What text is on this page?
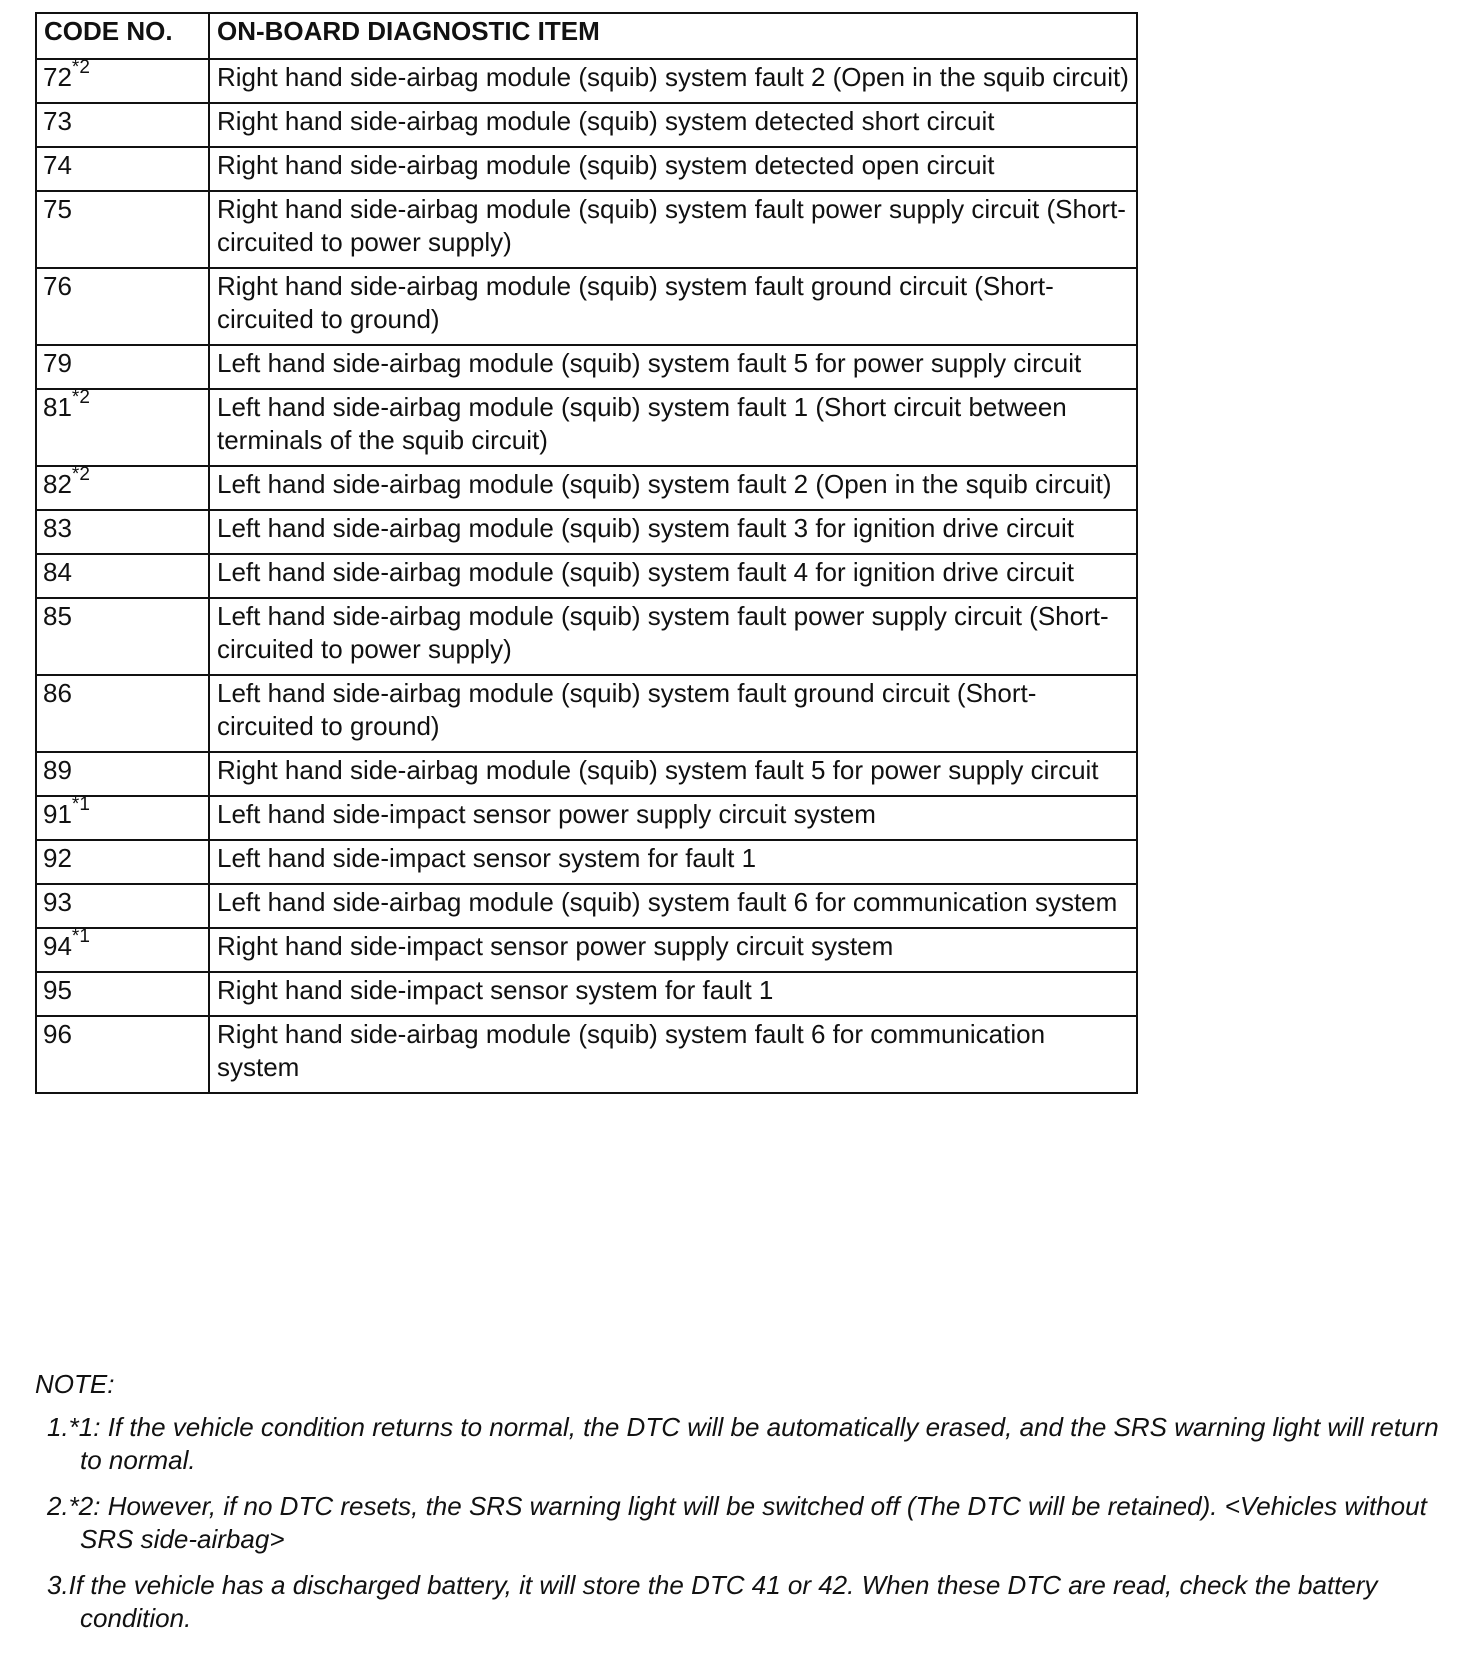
CODE NO.	ON-BOARD DIAGNOSTIC ITEM
72$^{*2}$	Right hand side-airbag module (squib) system fault 2 (Open in the squib circuit)
73	Right hand side-airbag module (squib) system detected short circuit
74	Right hand side-airbag module (squib) system detected open circuit
75	Right hand side-airbag module (squib) system fault power supply circuit (Short-circuited to power supply)
76	Right hand side-airbag module (squib) system fault ground circuit (Short-circuited to ground)
79	Left hand side-airbag module (squib) system fault 5 for power supply circuit
81$^{*2}$	Left hand side-airbag module (squib) system fault 1 (Short circuit between terminals of the squib circuit)
82$^{*2}$	Left hand side-airbag module (squib) system fault 2 (Open in the squib circuit)
83	Left hand side-airbag module (squib) system fault 3 for ignition drive circuit
84	Left hand side-airbag module (squib) system fault 4 for ignition drive circuit
85	Left hand side-airbag module (squib) system fault power supply circuit (Short-circuited to power supply)
86	Left hand side-airbag module (squib) system fault ground circuit (Short-circuited to ground)
89	Right hand side-airbag module (squib) system fault 5 for power supply circuit
91$^{*1}$	Left hand side-impact sensor power supply circuit system
92	Left hand side-impact sensor system for fault 1
93	Left hand side-airbag module (squib) system fault 6 for communication system
94$^{*1}$	Right hand side-impact sensor power supply circuit system
95	Right hand side-impact sensor system for fault 1
96	Right hand side-airbag module (squib) system fault 6 for communication system
NOTE:
1.*1: If the vehicle condition returns to normal, the DTC will be automatically erased, and the SRS warning light will return to normal.
2.*2: However, if no DTC resets, the SRS warning light will be switched off (The DTC will be retained). <Vehicles without SRS side-airbag>
3.If the vehicle has a discharged battery, it will store the DTC 41 or 42. When these DTC are read, check the battery condition.
